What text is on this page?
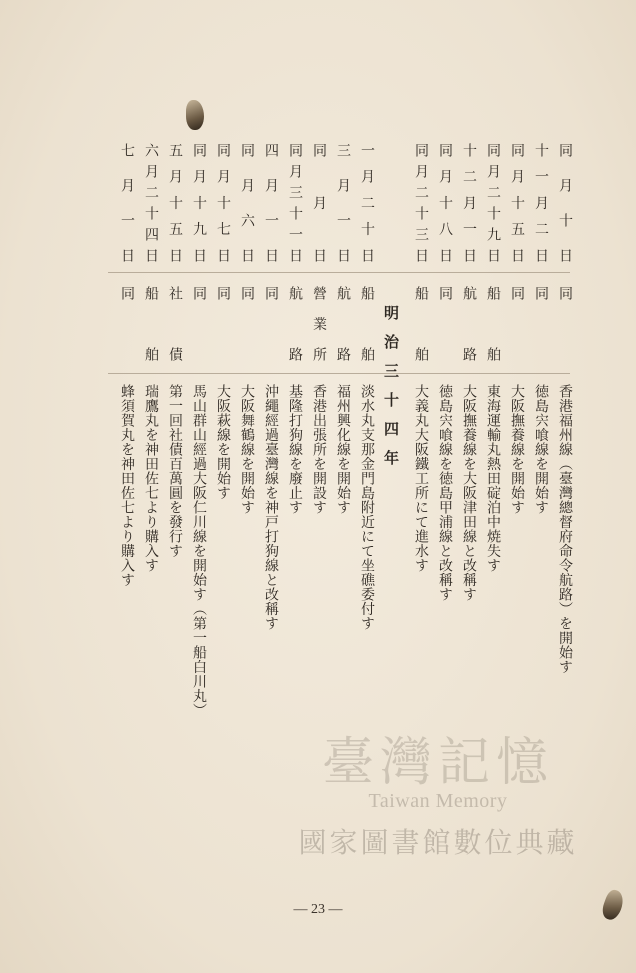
明治三十四年
同月十日
同
香港福州線（臺灣總督府命令航路）を開始す
十一月二日
同
徳島宍喰線を開始す
同月十五日
同
大阪撫養線を開始す
同月二十九日
船舶
東海運輸丸熱田碇泊中焼失す
十二月一日
航路
大阪撫養線を大阪津田線と改稱す
同月十八日
同
徳島宍喰線を徳島甲浦線と改稱す
同月二十三日
船舶
大義丸大阪鐵工所にて進水す
一月二十日
船舶
淡水丸支那金門島附近にて坐礁委付す
三月一日
航路
福州興化線を開始す
同月日
營業所
香港出張所を開設す
同月三十一日
航路
基隆打狗線を廢止す
四月一日
同
沖繩經過臺灣線を神戸打狗線と改稱す
同月六日
同
大阪舞鶴線を開始す
同月十七日
同
大阪萩線を開始す
同月十九日
同
馬山群山經過大阪仁川線を開始す（第一船白川丸）
五月十五日
社債
第一回社債百萬圓を發行す
六月二十四日
船舶
瑞鷹丸を神田佐七より購入す
七月一日
同
蜂須賀丸を神田佐七より購入す
臺灣記憶
Taiwan Memory
國家圖書館數位典藏
— 23 —
